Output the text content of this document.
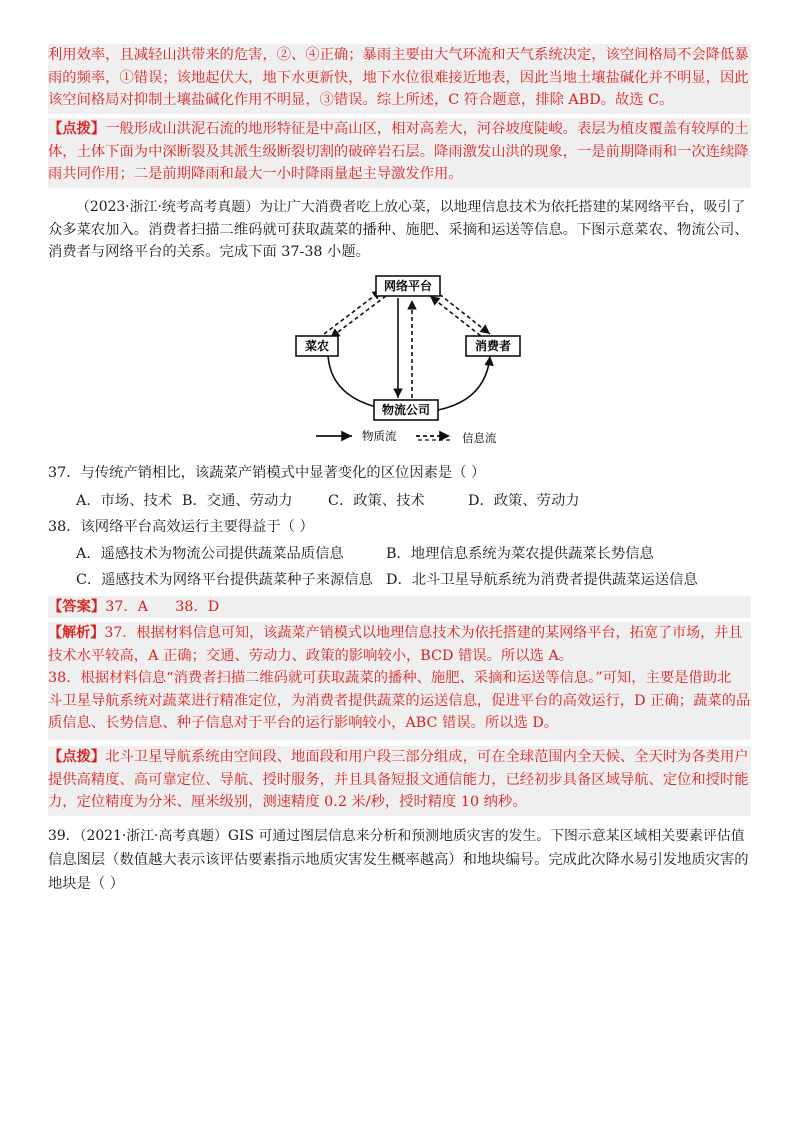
利用效率，且减轻山洪带来的危害，②、④正确；暴雨主要由大气环流和天气系统决定，该空间格局不会降低暴

雨的频率，①错误；该地起伏大，地下水更新快，地下水位很难接近地表，因此当地土壤盐碱化并不明显，因此

该空间格局对抑制土壤盐碱化作用不明显，③错误。综上所述，C 符合题意，排除 ABD。故选 C。

【点拨】一般形成山洪泥石流的地形特征是中高山区，相对高差大，河谷坡度陡峻。表层为植皮覆盖有较厚的土

体，土体下面为中深断裂及其派生级断裂切割的破碎岩石层。降雨激发山洪的现象，一是前期降雨和一次连续降

雨共同作用；二是前期降雨和最大一小时降雨量起主导激发作用。

（2023·浙江·统考高考真题）为让广大消费者吃上放心菜，以地理信息技术为依托搭建的某网络平台，吸引了

众多菜农加入。消费者扫描二维码就可获取蔬菜的播种、施肥、采摘和运送等信息。下图示意菜农、物流公司、

消费者与网络平台的关系。完成下面 37-38 小题。

网络平台
菜农	消费者
物流公司
物质流	信息流

37．与传统产销相比，该蔬菜产销模式中显著变化的区位因素是（ ）

A．市场、技术 B．交通、劳动力 C．政策、技术	D．政策、劳动力

38．该网络平台高效运行主要得益于（ ）

A．遥感技术为物流公司提供蔬菜品质信息	B．地理信息系统为菜农提供蔬菜长势信息
C．遥感技术为网络平台提供蔬菜种子来源信息 D．北斗卫星导航系统为消费者提供蔬菜运送信息

【答案】37．A      38．D

【解析】37．根据材料信息可知，该蔬菜产销模式以地理信息技术为依托搭建的某网络平台，拓宽了市场，并且

技术水平较高，A 正确；交通、劳动力、政策的影响较小，BCD 错误。所以选 A。

38．根据材料信息“消费者扫描二维码就可获取蔬菜的播种、施肥、采摘和运送等信息。”可知，主要是借助北

斗卫星导航系统对蔬菜进行精准定位，为消费者提供蔬菜的运送信息，促进平台的高效运行，D 正确；蔬菜的品

质信息、长势信息、种子信息对于平台的运行影响较小，ABC 错误。所以选 D。

【点拨】北斗卫星导航系统由空间段、地面段和用户段三部分组成，可在全球范围内全天候、全天时为各类用户

提供高精度、高可靠定位、导航、授时服务，并且具备短报文通信能力，已经初步具备区域导航、定位和授时能

力，定位精度为分米、厘米级别，测速精度 0.2 米/秒，授时精度 10 纳秒。

39．（2021·浙江·高考真题）GIS 可通过图层信息来分析和预测地质灾害的发生。下图示意某区域相关要素评估值

信息图层（数值越大表示该评估要素指示地质灾害发生概率越高）和地块编号。完成此次降水易引发地质灾害的

地块是（ ）
